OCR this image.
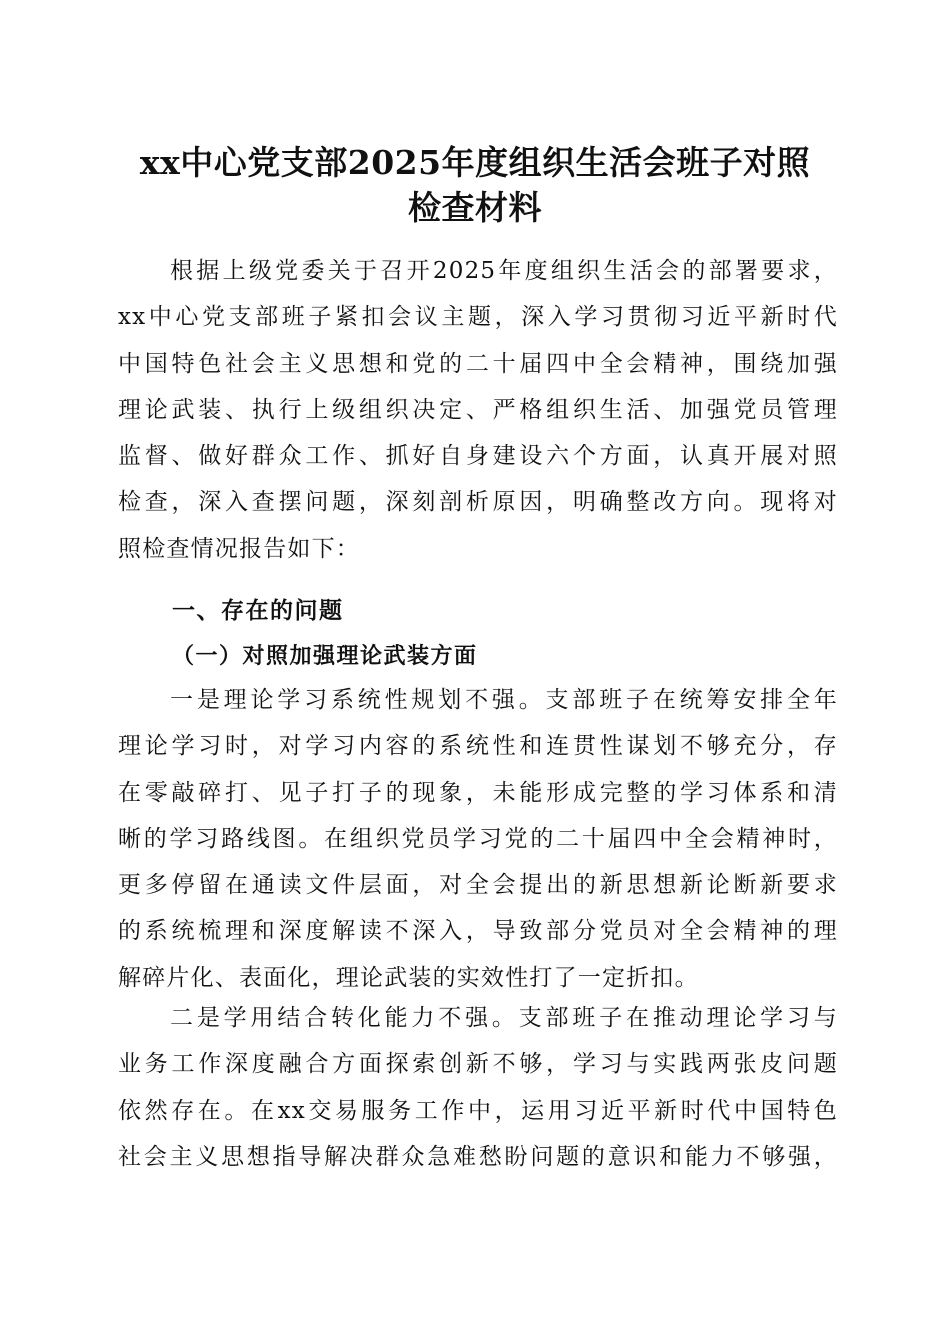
xx中心党支部2025年度组织生活会班子对照
检查材料
根据上级党委关于召开2025年度组织生活会的部署要求，
xx中心党支部班子紧扣会议主题，深入学习贯彻习近平新时代
中国特色社会主义思想和党的二十届四中全会精神，围绕加强
理论武装、执行上级组织决定、严格组织生活、加强党员管理
监督、做好群众工作、抓好自身建设六个方面，认真开展对照
检查，深入查摆问题，深刻剖析原因，明确整改方向。现将对
照检查情况报告如下：
一、存在的问题
（一）对照加强理论武装方面
一是理论学习系统性规划不强。支部班子在统筹安排全年
理论学习时，对学习内容的系统性和连贯性谋划不够充分，存
在零敲碎打、见子打子的现象，未能形成完整的学习体系和清
晰的学习路线图。在组织党员学习党的二十届四中全会精神时，
更多停留在通读文件层面，对全会提出的新思想新论断新要求
的系统梳理和深度解读不深入，导致部分党员对全会精神的理
解碎片化、表面化，理论武装的实效性打了一定折扣。
二是学用结合转化能力不强。支部班子在推动理论学习与
业务工作深度融合方面探索创新不够，学习与实践两张皮问题
依然存在。在xx交易服务工作中，运用习近平新时代中国特色
社会主义思想指导解决群众急难愁盼问题的意识和能力不够强，
